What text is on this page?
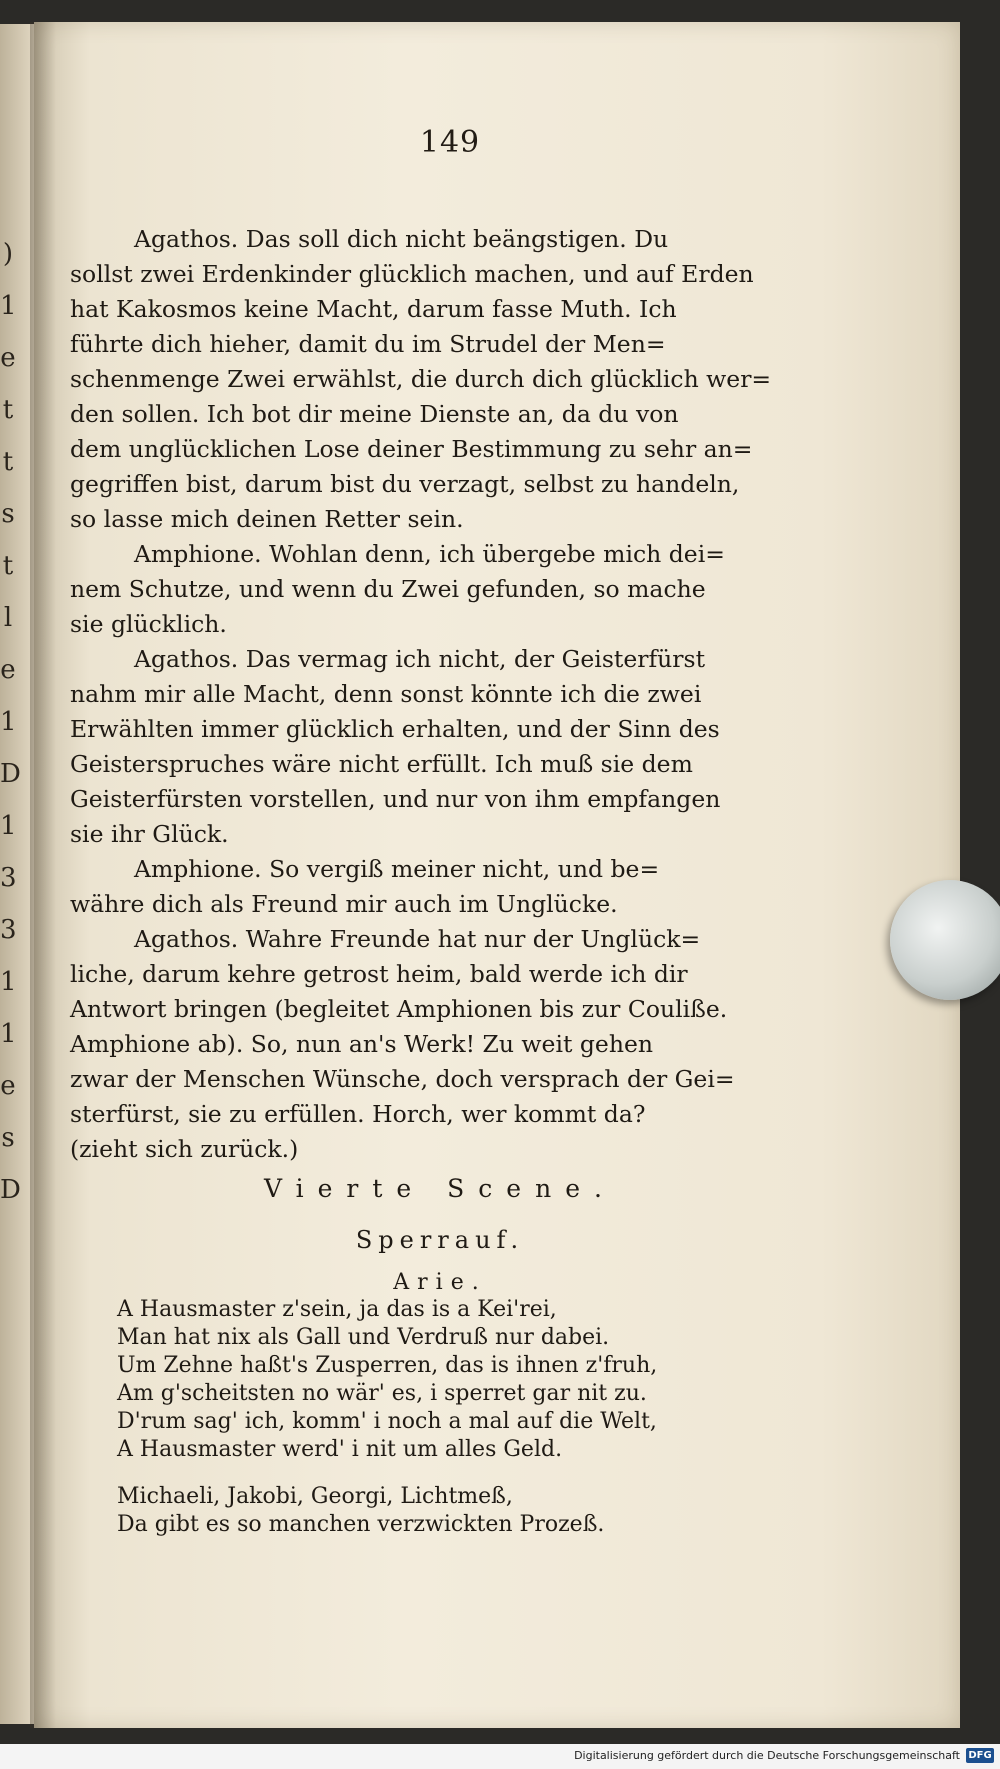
)
1
e
t
t
s
t
l
e
1
D
1
3
3
1
1
e
s
D
149
Agathos. Das soll dich nicht beängstigen. Du
sollst zwei Erdenkinder glücklich machen, und auf Erden
hat Kakosmos keine Macht, darum fasse Muth. Ich
führte dich hieher, damit du im Strudel der Men=
schenmenge Zwei erwählst, die durch dich glücklich wer=
den sollen. Ich bot dir meine Dienste an, da du von
dem unglücklichen Lose deiner Bestimmung zu sehr an=
gegriffen bist, darum bist du verzagt, selbst zu handeln,
so lasse mich deinen Retter sein.
Amphione. Wohlan denn, ich übergebe mich dei=
nem Schutze, und wenn du Zwei gefunden, so mache
sie glücklich.
Agathos. Das vermag ich nicht, der Geisterfürst
nahm mir alle Macht, denn sonst könnte ich die zwei
Erwählten immer glücklich erhalten, und der Sinn des
Geisterspruches wäre nicht erfüllt. Ich muß sie dem
Geisterfürsten vorstellen, und nur von ihm empfangen
sie ihr Glück.
Amphione. So vergiß meiner nicht, und be=
währe dich als Freund mir auch im Unglücke.
Agathos. Wahre Freunde hat nur der Unglück=
liche, darum kehre getrost heim, bald werde ich dir
Antwort bringen (begleitet Amphionen bis zur Couliße.
Amphione ab). So, nun an's Werk! Zu weit gehen
zwar der Menschen Wünsche, doch versprach der Gei=
sterfürst, sie zu erfüllen. Horch, wer kommt da?
(zieht sich zurück.)
Vierte Scene.
Sperrauf.
Arie.
A Hausmaster z'sein, ja das is a Kei'rei,
Man hat nix als Gall und Verdruß nur dabei.
Um Zehne haßt's Zusperren, das is ihnen z'fruh,
Am g'scheitsten no wär' es, i sperret gar nit zu.
D'rum sag' ich, komm' i noch a mal auf die Welt,
A Hausmaster werd' i nit um alles Geld.
Michaeli, Jakobi, Georgi, Lichtmeß,
Da gibt es so manchen verzwickten Prozeß.
Digitalisierung gefördert durch die Deutsche Forschungsgemeinschaft DFG
